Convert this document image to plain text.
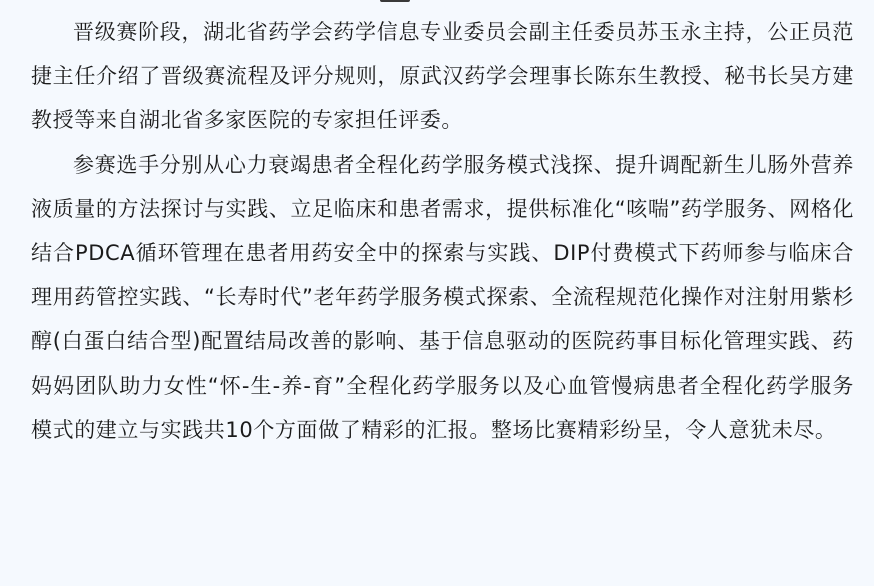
晋级赛阶段，湖北省药学会药学信息专业委员会副主任委员苏玉永主持，公正员范捷主任介绍了晋级赛流程及评分规则，原武汉药学会理事长陈东生教授、秘书长吴方建教授等来自湖北省多家医院的专家担任评委。

参赛选手分别从心力衰竭患者全程化药学服务模式浅探、提升调配新生儿肠外营养液质量的方法探讨与实践、立足临床和患者需求，提供标准化“咳喘”药学服务、网格化结合PDCA循环管理在患者用药安全中的探索与实践、DIP付费模式下药师参与临床合理用药管控实践、“长寿时代”老年药学服务模式探索、全流程规范化操作对注射用紫杉醇(白蛋白结合型)配置结局改善的影响、基于信息驱动的医院药事目标化管理实践、药妈妈团队助力女性“怀-生-养-育”全程化药学服务以及心血管慢病患者全程化药学服务模式的建立与实践共10个方面做了精彩的汇报。整场比赛精彩纷呈，令人意犹未尽。
